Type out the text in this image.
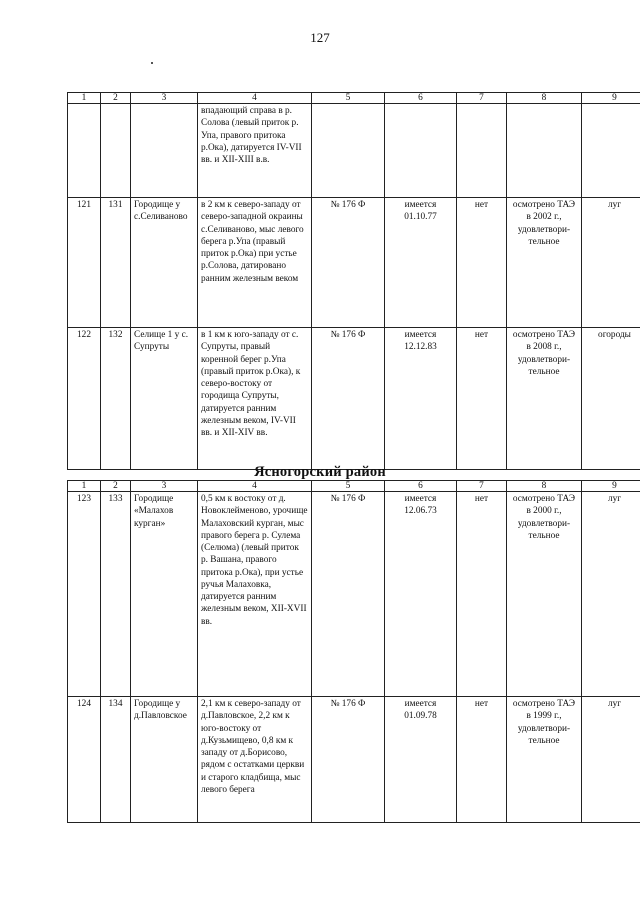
127
1	2	3	4	5	6	7	8	9
			впадающий справа в р. Солова (левый приток р. Упа, правого притока р.Ока), датируется IV-VII вв. и XII-XIII в.в.					
121	131	Городище у с.Селиваново	в 2 км к северо-западу от северо-западной окраины с.Селиваново, мыс левого берега р.Упа (правый приток р.Ока) при устье р.Солова, датировано ранним железным веком	№ 176 Ф	имеется 01.10.77	нет	осмотрено ТАЭ в 2002 г., удовлетвори-тельное	луг
122	132	Селище 1 у с. Супруты	в 1 км к юго-западу от с. Супруты, правый коренной берег р.Упа (правый приток р.Ока), к северо-востоку от городища Супруты, датируется ранним железным веком, IV-VII вв. и XII-XIV вв.	№ 176 Ф	имеется 12.12.83	нет	осмотрено ТАЭ в 2008 г., удовлетвори-тельное	огороды
Ясногорский район
1	2	3	4	5	6	7	8	9
123	133	Городище «Малахов курган»	0,5 км к востоку от д. Новоклейменово, урочище Малаховский курган, мыс правого берега р. Сулема (Селюма) (левый приток р. Вашана, правого притока р.Ока), при устье ручья Малаховка, датируется ранним железным веком, XII-XVII вв.	№ 176 Ф	имеется 12.06.73	нет	осмотрено ТАЭ в 2000 г., удовлетвори-тельное	луг
124	134	Городище у д.Павловское	2,1 км к северо-западу от д.Павловское, 2,2 км к юго-востоку от д.Кузьмищево, 0,8 км к западу от д.Борисово, рядом с остатками церкви и старого кладбища, мыс левого берега	№ 176 Ф	имеется 01.09.78	нет	осмотрено ТАЭ в 1999 г., удовлетвори-тельное	луг
